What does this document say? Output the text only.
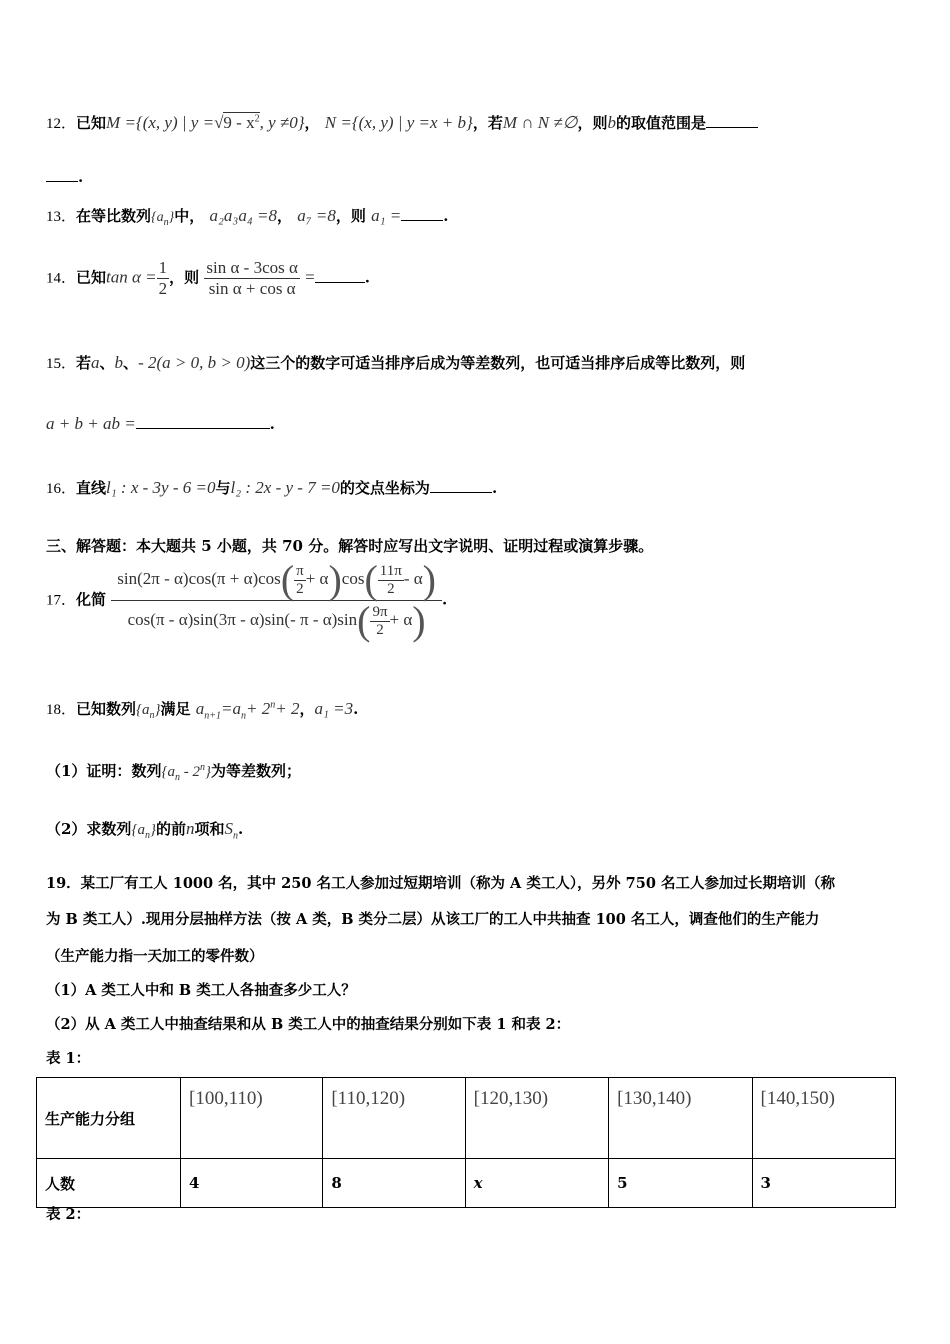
12．已知M ={(x, y) | $y =√9 - x^2$, y ≠0}， N ={(x, y) | y =x + b}，若M ∩ N ≠∅，则b的取值范围是
.
13．在等比数列$\{a_n\}$中， a₂a₃a₄ =8， a₇ =8，则 a₁ =	.
14．已知$\tan \alpha = \frac{1}{2}$ ，则 $\frac{\text{sin α - 3cos α}}{\text{sin α + cos α}}$ =	.
15．若a、b、- 2(a > 0, b > 0)这三个的数字可适当排序后成为等差数列，也可适当排序后成等比数列，则
a + b + ab =	.
16．直线l₁ : x - 3y - 6 =0与l₂ : 2x - y - 7 =0的交点坐标为	.
三、解答题：本大题共 5 小题，共 70 分。解答时应写出文字说明、证明过程或演算步骤。
17．化简 $\frac{\sin(2\pi - \alpha)\cos(\pi + \alpha)\cos( \frac{\pi}{2} + \alpha)\cos( \frac{11\pi}{2} - \alpha)}{\cos(\pi - \alpha)\sin(3\pi - \alpha)\sin(- \pi - \alpha)\sin( \frac{9\pi}{2} + \alpha)}$ .
18．已知数列$\{a_n\}$满足 $a_{n+1}=a_n+ 2^n+ 2$，a₁ =3.
（1）证明：数列$\{a_n - 2^n\}$为等差数列；
（2）求数列$\{a_n\}$的前n项和$S_n$.
19．某工厂有工人 1000 名，其中 250 名工人参加过短期培训（称为 A 类工人），另外 750 名工人参加过长期培训（称
为 B 类工人）.现用分层抽样方法（按 A 类，B 类分二层）从该工厂的工人中共抽查 100 名工人，调查他们的生产能力
（生产能力指一天加工的零件数）
（1）A 类工人中和 B 类工人各抽查多少工人？
（2）从 A 类工人中抽查结果和从 B 类工人中的抽查结果分别如下表 1 和表 2：
表 1：
生产能力分组	[100,110)	[110,120)	[120,130)	[130,140)	[140,150)
人数	4	8	x	5	3
表 2：
